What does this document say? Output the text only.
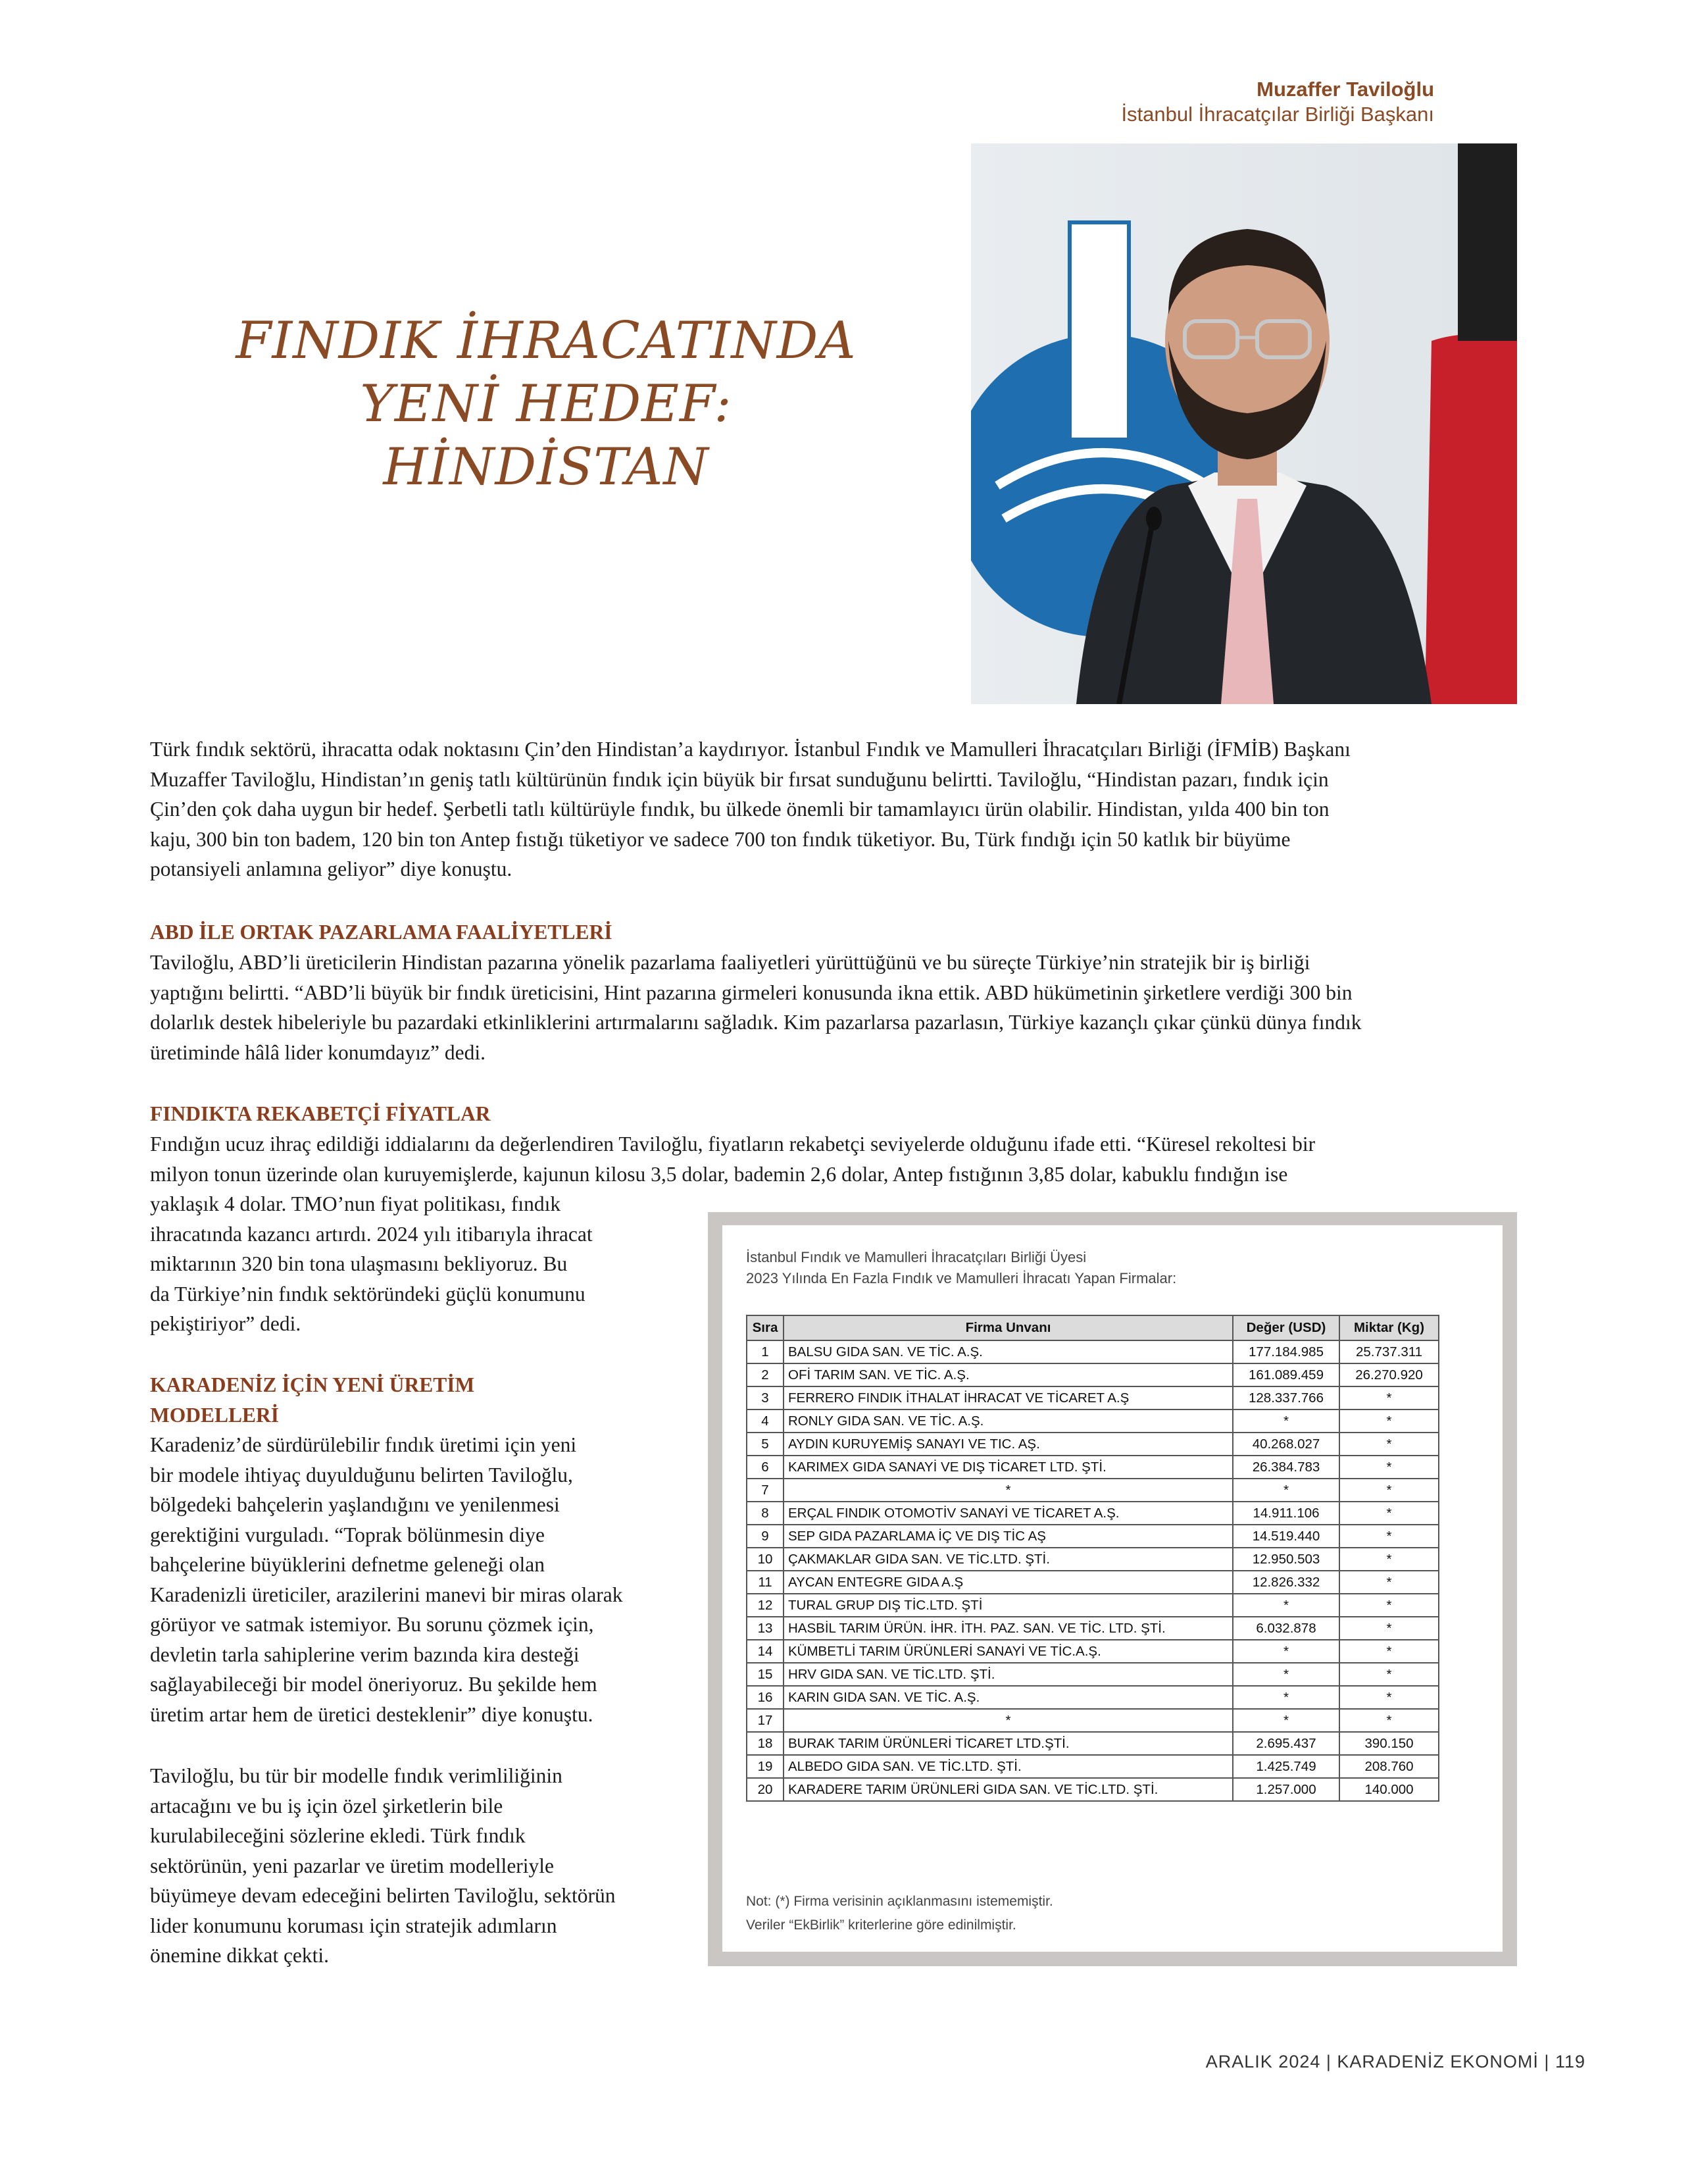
Muzaffer Taviloğlu
İstanbul İhracatçılar Birliği Başkanı
FINDIK İHRACATINDA
YENİ HEDEF:
HİNDİSTAN
Türk fındık sektörü, ihracatta odak noktasını Çin’den Hindistan’a kaydırıyor. İstanbul Fındık ve Mamulleri İhracatçıları Birliği (İFMİB) Başkanı
Muzaffer Taviloğlu, Hindistan’ın geniş tatlı kültürünün fındık için büyük bir fırsat sunduğunu belirtti. Taviloğlu, “Hindistan pazarı, fındık için
Çin’den çok daha uygun bir hedef. Şerbetli tatlı kültürüyle fındık, bu ülkede önemli bir tamamlayıcı ürün olabilir. Hindistan, yılda 400 bin ton
kaju, 300 bin ton badem, 120 bin ton Antep fıstığı tüketiyor ve sadece 700 ton fındık tüketiyor. Bu, Türk fındığı için 50 katlık bir büyüme
potansiyeli anlamına geliyor” diye konuştu.
ABD İLE ORTAK PAZARLAMA FAALİYETLERİ
Taviloğlu, ABD’li üreticilerin Hindistan pazarına yönelik pazarlama faaliyetleri yürüttüğünü ve bu süreçte Türkiye’nin stratejik bir iş birliği
yaptığını belirtti. “ABD’li büyük bir fındık üreticisini, Hint pazarına girmeleri konusunda ikna ettik. ABD hükümetinin şirketlere verdiği 300 bin
dolarlık destek hibeleriyle bu pazardaki etkinliklerini artırmalarını sağladık. Kim pazarlarsa pazarlasın, Türkiye kazançlı çıkar çünkü dünya fındık
üretiminde hâlâ lider konumdayız” dedi.
FINDIKTA REKABETÇİ FİYATLAR
Fındığın ucuz ihraç edildiği iddialarını da değerlendiren Taviloğlu, fiyatların rekabetçi seviyelerde olduğunu ifade etti. “Küresel rekoltesi bir
milyon tonun üzerinde olan kuruyemişlerde, kajunun kilosu 3,5 dolar, bademin 2,6 dolar, Antep fıstığının 3,85 dolar, kabuklu fındığın ise
yaklaşık 4 dolar. TMO’nun fiyat politikası, fındık
ihracatında kazancı artırdı. 2024 yılı itibarıyla ihracat
miktarının 320 bin tona ulaşmasını bekliyoruz. Bu
da Türkiye’nin fındık sektöründeki güçlü konumunu
pekiştiriyor” dedi.
KARADENİZ İÇİN YENİ ÜRETİM
MODELLERİ
Karadeniz’de sürdürülebilir fındık üretimi için yeni
bir modele ihtiyaç duyulduğunu belirten Taviloğlu,
bölgedeki bahçelerin yaşlandığını ve yenilenmesi
gerektiğini vurguladı. “Toprak bölünmesin diye
bahçelerine büyüklerini defnetme geleneği olan
Karadenizli üreticiler, arazilerini manevi bir miras olarak
görüyor ve satmak istemiyor. Bu sorunu çözmek için,
devletin tarla sahiplerine verim bazında kira desteği
sağlayabileceği bir model öneriyoruz. Bu şekilde hem
üretim artar hem de üretici desteklenir” diye konuştu.
Taviloğlu, bu tür bir modelle fındık verimliliğinin
artacağını ve bu iş için özel şirketlerin bile
kurulabileceğini sözlerine ekledi. Türk fındık
sektörünün, yeni pazarlar ve üretim modelleriyle
büyümeye devam edeceğini belirten Taviloğlu, sektörün
lider konumunu koruması için stratejik adımların
önemine dikkat çekti.
İstanbul Fındık ve Mamulleri İhracatçıları Birliği Üyesi
2023 Yılında En Fazla Fındık ve Mamulleri İhracatı Yapan Firmalar:
Sıra	Firma Unvanı	Değer (USD)	Miktar (Kg)
1	BALSU GIDA SAN. VE TİC. A.Ş.	177.184.985	25.737.311
2	OFİ TARIM SAN. VE TİC. A.Ş.	161.089.459	26.270.920
3	FERRERO FINDIK İTHALAT İHRACAT VE TİCARET A.Ş	128.337.766	*
4	RONLY GIDA SAN. VE TİC. A.Ş.	*	*
5	AYDIN KURUYEMİŞ SANAYI VE TIC. AŞ.	40.268.027	*
6	KARIMEX GIDA SANAYİ VE DIŞ TİCARET LTD. ŞTİ.	26.384.783	*
7	*	*	*
8	ERÇAL FINDIK OTOMOTİV SANAYİ VE TİCARET A.Ş.	14.911.106	*
9	SEP GIDA PAZARLAMA İÇ VE DIŞ TİC AŞ	14.519.440	*
10	ÇAKMAKLAR GIDA SAN. VE TİC.LTD. ŞTİ.	12.950.503	*
11	AYCAN ENTEGRE GIDA A.Ş	12.826.332	*
12	TURAL GRUP DIŞ TİC.LTD. ŞTİ	*	*
13	HASBİL TARIM ÜRÜN. İHR. İTH. PAZ. SAN. VE TİC. LTD. ŞTİ.	6.032.878	*
14	KÜMBETLİ TARIM ÜRÜNLERİ SANAYİ VE TİC.A.Ş.	*	*
15	HRV GIDA SAN. VE TİC.LTD. ŞTİ.	*	*
16	KARIN GIDA SAN. VE TİC. A.Ş.	*	*
17	*	*	*
18	BURAK TARIM ÜRÜNLERİ TİCARET LTD.ŞTİ.	2.695.437	390.150
19	ALBEDO GIDA SAN. VE TİC.LTD. ŞTİ.	1.425.749	208.760
20	KARADERE TARIM ÜRÜNLERİ GIDA SAN. VE TİC.LTD. ŞTİ.	1.257.000	140.000
Not: (*) Firma verisinin açıklanmasını istememiştir.
Veriler “EkBirlik” kriterlerine göre edinilmiştir.
ARALIK 2024 | KARADENİZ EKONOMİ | 119
